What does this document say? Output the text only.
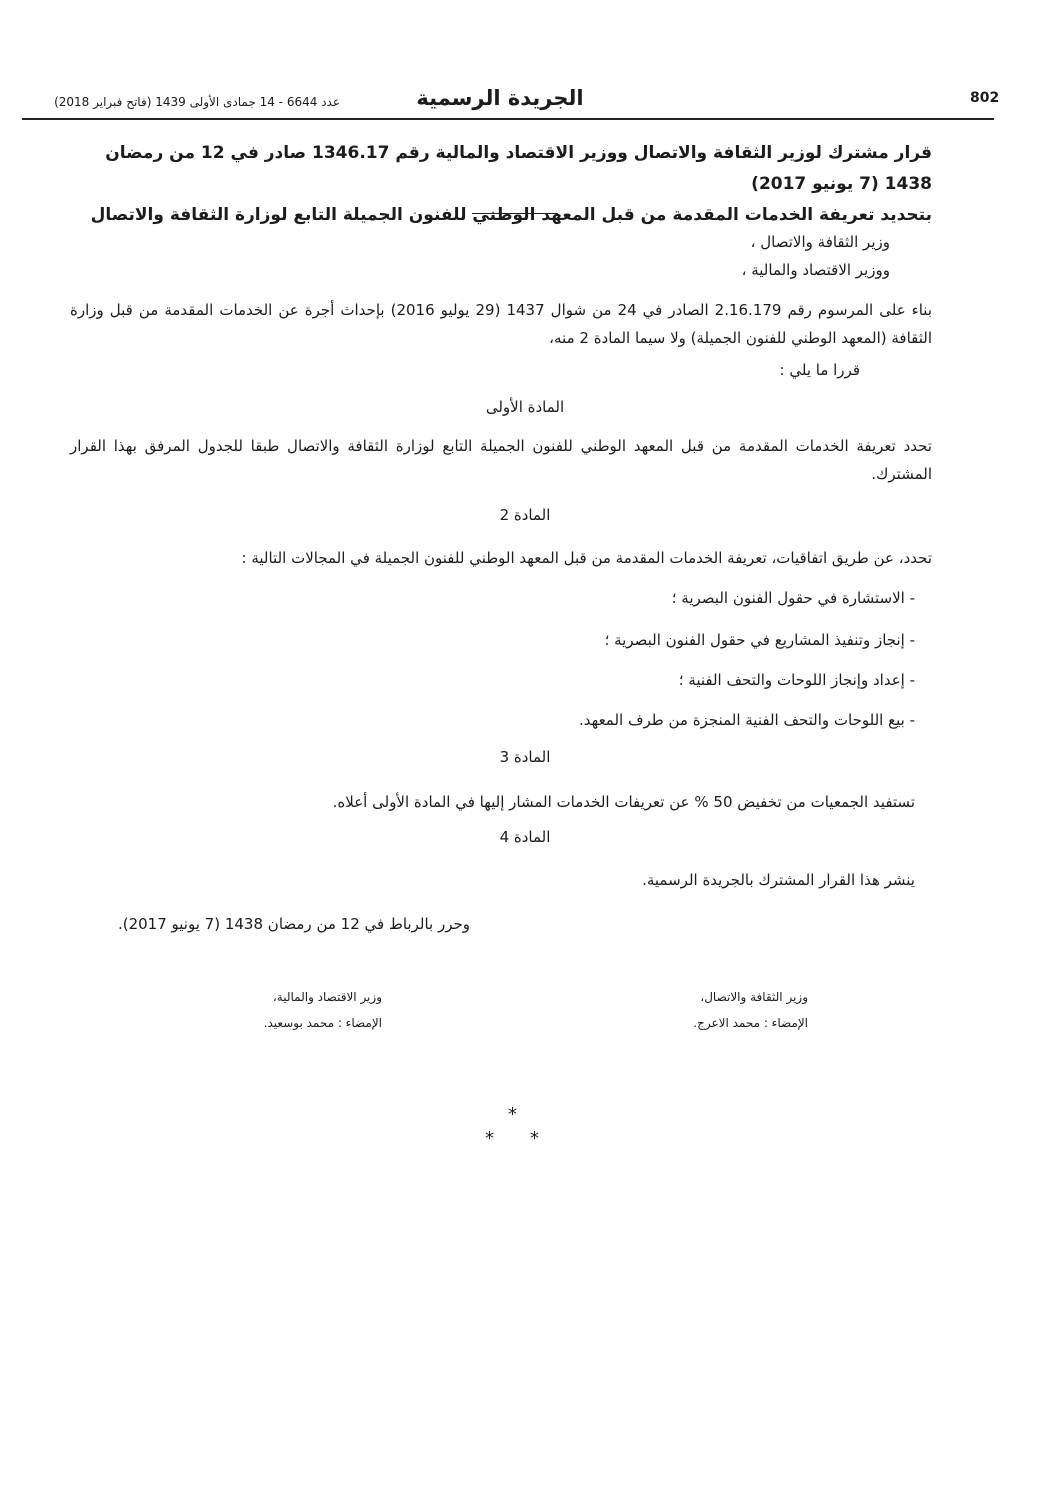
802
الجريدة الرسمية
عدد 6644 - 14 جمادى الأولى 1439 (فاتح فبراير 2018)
قرار مشترك لوزير الثقافة والاتصال ووزير الاقتصاد والمالية رقم 1346.17 صادر في 12 من رمضان 1438 (7 يونيو 2017)
بتحديد تعريفة الخدمات المقدمة من قبل المعهد الوطني للفنون الجميلة التابع لوزارة الثقافة والاتصال
وزير الثقافة والاتصال ،
ووزير الاقتصاد والمالية ،
بناء على المرسوم رقم 2.16.179 الصادر في 24 من شوال 1437 (29 يوليو 2016) بإحداث أجرة عن الخدمات المقدمة من قبل وزارة الثقافة (المعهد الوطني للفنون الجميلة) ولا سيما المادة 2 منه،
قررا ما يلي :
المادة الأولى
تحدد تعريفة الخدمات المقدمة من قبل المعهد الوطني للفنون الجميلة التابع لوزارة الثقافة والاتصال طبقا للجدول المرفق بهذا القرار المشترك.
المادة 2
تحدد، عن طريق اتفاقيات، تعريفة الخدمات المقدمة من قبل المعهد الوطني للفنون الجميلة في المجالات التالية :
- الاستشارة في حقول الفنون البصرية ؛
- إنجاز وتنفيذ المشاريع في حقول الفنون البصرية ؛
- إعداد وإنجاز اللوحات والتحف الفنية ؛
- بيع اللوحات والتحف الفنية المنجزة من طرف المعهد.
المادة 3
تستفيد الجمعيات من تخفيض 50 % عن تعريفات الخدمات المشار إليها في المادة الأولى أعلاه.
المادة 4
ينشر هذا القرار المشترك بالجريدة الرسمية.
وحرر بالرباط في 12 من رمضان 1438 (7 يونيو 2017).
وزير الثقافة والاتصال،
الإمضاء : محمد الاعرج.
وزير الاقتصاد والمالية،
الإمضاء : محمد بوسعيد.
*
* *
